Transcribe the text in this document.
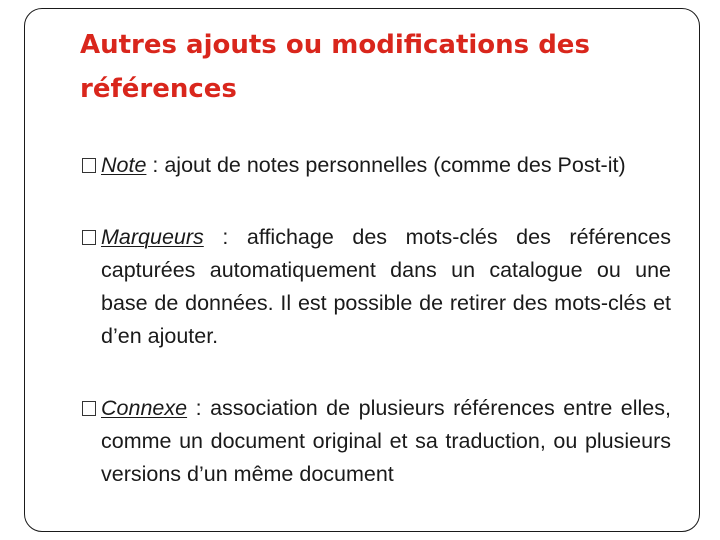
Autres ajouts ou modifications des références
Note : ajout de notes personnelles (comme des Post-it)
Marqueurs : affichage des mots-clés des références capturées automatiquement dans un catalogue ou une base de données. Il est possible de retirer des mots-clés et d’en ajouter.
Connexe : association de plusieurs références entre elles, comme un document original et sa traduction, ou plusieurs versions d’un même document
